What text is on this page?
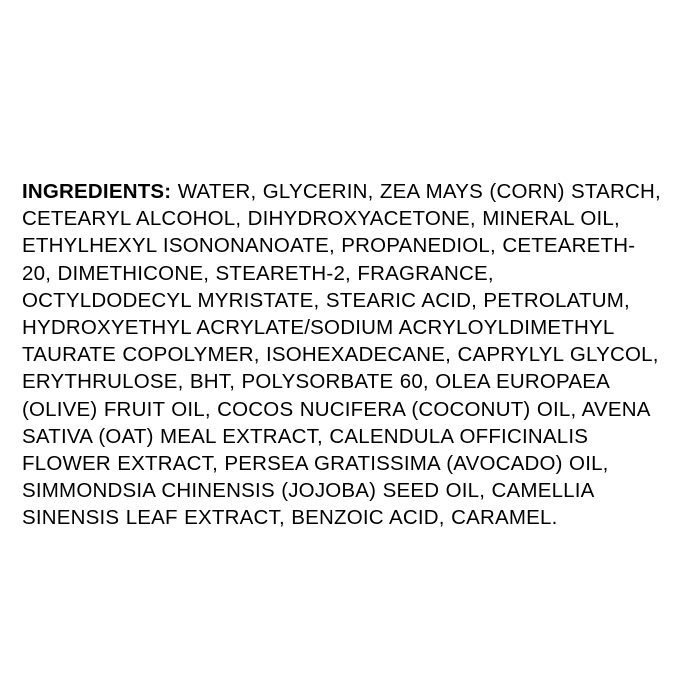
INGREDIENTS: WATER, GLYCERIN, ZEA MAYS (CORN) STARCH, CETEARYL ALCOHOL, DIHYDROXYACETONE, MINERAL OIL, ETHYLHEXYL ISONONANOATE, PROPANEDIOL, CETEARETH-20, DIMETHICONE, STEARETH-2, FRAGRANCE, OCTYLDODECYL MYRISTATE, STEARIC ACID, PETROLATUM, HYDROXYETHYL ACRYLATE/SODIUM ACRYLOYLDIMETHYL TAURATE COPOLYMER, ISOHEXADECANE, CAPRYLYL GLYCOL, ERYTHRULOSE, BHT, POLYSORBATE 60, OLEA EUROPAEA (OLIVE) FRUIT OIL, COCOS NUCIFERA (COCONUT) OIL, AVENA SATIVA (OAT) MEAL EXTRACT, CALENDULA OFFICINALIS FLOWER EXTRACT, PERSEA GRATISSIMA (AVOCADO) OIL, SIMMONDSIA CHINENSIS (JOJOBA) SEED OIL, CAMELLIA SINENSIS LEAF EXTRACT, BENZOIC ACID, CARAMEL.
